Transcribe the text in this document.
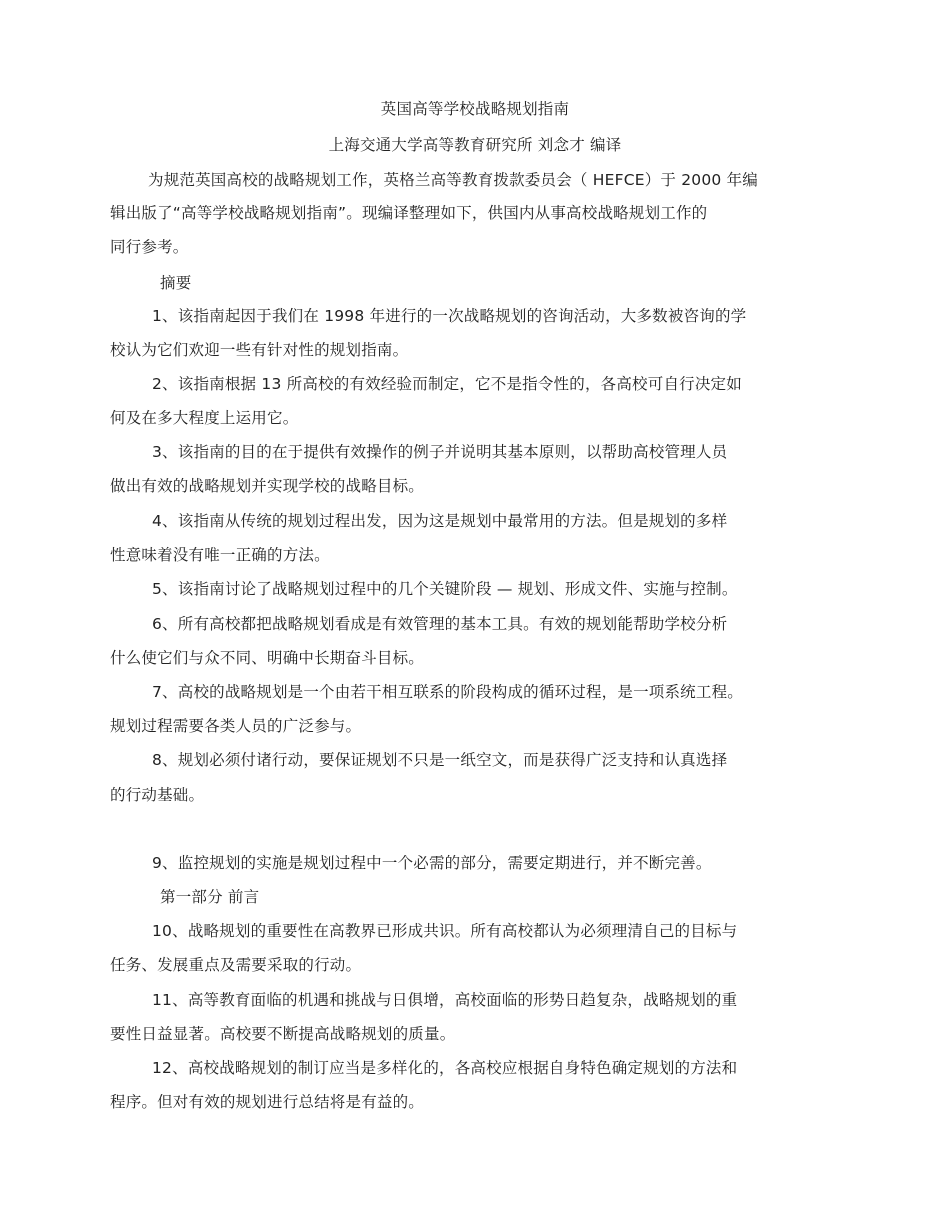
英国高等学校战略规划指南
上海交通大学高等教育研究所 刘念才 编译
为规范英国高校的战略规划工作，英格兰高等教育拨款委员会（ HEFCE）于 2000 年编
辑出版了“高等学校战略规划指南”。现编译整理如下，供国内从事高校战略规划工作的
同行参考。
摘要
1、该指南起因于我们在 1998 年进行的一次战略规划的咨询活动，大多数被咨询的学
校认为它们欢迎一些有针对性的规划指南。
2、该指南根据 13 所高校的有效经验而制定，它不是指令性的，各高校可自行决定如
何及在多大程度上运用它。
3、该指南的目的在于提供有效操作的例子并说明其基本原则，以帮助高校管理人员
做出有效的战略规划并实现学校的战略目标。
4、该指南从传统的规划过程出发，因为这是规划中最常用的方法。但是规划的多样
性意味着没有唯一正确的方法。
5、该指南讨论了战略规划过程中的几个关键阶段 — 规划、形成文件、实施与控制。
6、所有高校都把战略规划看成是有效管理的基本工具。有效的规划能帮助学校分析
什么使它们与众不同、明确中长期奋斗目标。
7、高校的战略规划是一个由若干相互联系的阶段构成的循环过程，是一项系统工程。
规划过程需要各类人员的广泛参与。
8、规划必须付诸行动，要保证规划不只是一纸空文，而是获得广泛支持和认真选择
的行动基础。
9、监控规划的实施是规划过程中一个必需的部分，需要定期进行，并不断完善。
第一部分 前言
10、战略规划的重要性在高教界已形成共识。所有高校都认为必须理清自己的目标与
任务、发展重点及需要采取的行动。
11、高等教育面临的机遇和挑战与日俱增，高校面临的形势日趋复杂，战略规划的重
要性日益显著。高校要不断提高战略规划的质量。
12、高校战略规划的制订应当是多样化的，各高校应根据自身特色确定规划的方法和
程序。但对有效的规划进行总结将是有益的。
